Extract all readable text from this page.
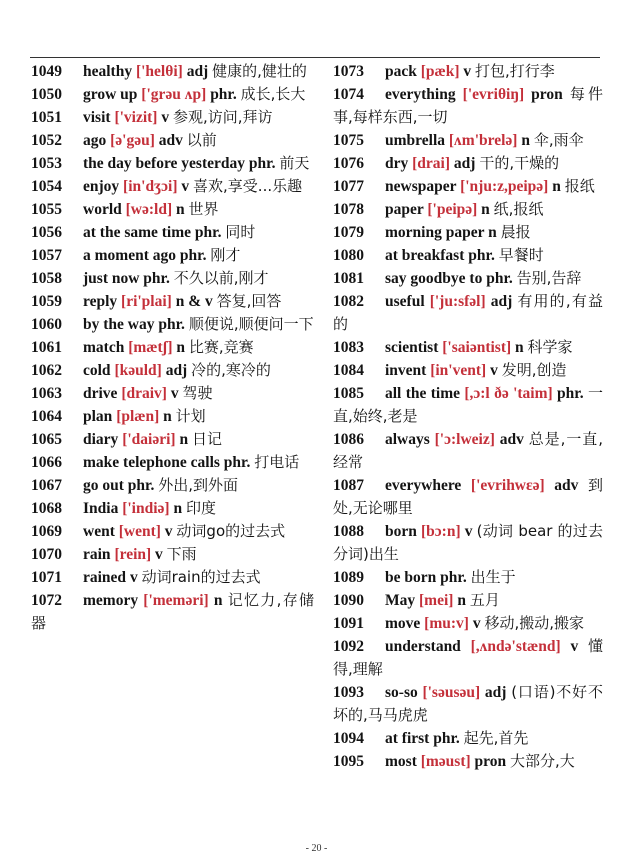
1049 healthy ['helθi] adj 健康的,健壮的
1050 grow up ['grəu ʌp] phr. 成长,长大
1051 visit ['vizit] v 参观,访问,拜访
1052 ago [ə'gəu] adv 以前
1053 the day before yesterday phr. 前天
1054 enjoy [in'dʒɔi] v 喜欢,享受...乐趣
1055 world [wə:ld] n 世界
1056 at the same time phr. 同时
1057 a moment ago phr. 刚才
1058 just now phr. 不久以前,刚才
1059 reply [ri'plai] n & v 答复,回答
1060 by the way phr. 顺便说,顺便问一下
1061 match [mætʃ] n 比赛,竞赛
1062 cold [kəuld] adj 冷的,寒冷的
1063 drive [draiv] v 驾驶
1064 plan [plæn] n 计划
1065 diary ['daiəri] n 日记
1066 make telephone calls phr. 打电话
1067 go out phr. 外出,到外面
1068 India ['indiə] n 印度
1069 went [went] v 动词go的过去式
1070 rain [rein] v 下雨
1071 rained v 动词rain的过去式
1072 memory ['meməri] n 记忆力,存储器
1073 pack [pæk] v 打包,打行李
1074 everything ['evriθiŋ] pron 每件事,每样东西,一切
1075 umbrella [ʌm'brelə] n 伞,雨伞
1076 dry [drai] adj 干的,干燥的
1077 newspaper ['nju:z,peipə] n 报纸
1078 paper ['peipə] n 纸,报纸
1079 morning paper n 晨报
1080 at breakfast phr. 早餐时
1081 say goodbye to phr. 告别,告辞
1082 useful ['ju:sfəl] adj 有用的,有益的
1083 scientist ['saiəntist] n 科学家
1084 invent [in'vent] v 发明,创造
1085 all the time [,ɔ:l ðə 'taim] phr. 一直,始终,老是
1086 always ['ɔ:lweiz] adv 总是,一直,经常
1087 everywhere ['evrihwɛə] adv 到处,无论哪里
1088 born [bɔ:n] v (动词 bear 的过去分词)出生
1089 be born phr. 出生于
1090 May [mei] n 五月
1091 move [mu:v] v 移动,搬动,搬家
1092 understand [,ʌndə'stænd] v 懂得,理解
1093 so-so ['səusəu] adj (口语)不好不坏的,马马虎虎
1094 at first phr. 起先,首先
1095 most [məust] pron 大部分,大
- 20 -
